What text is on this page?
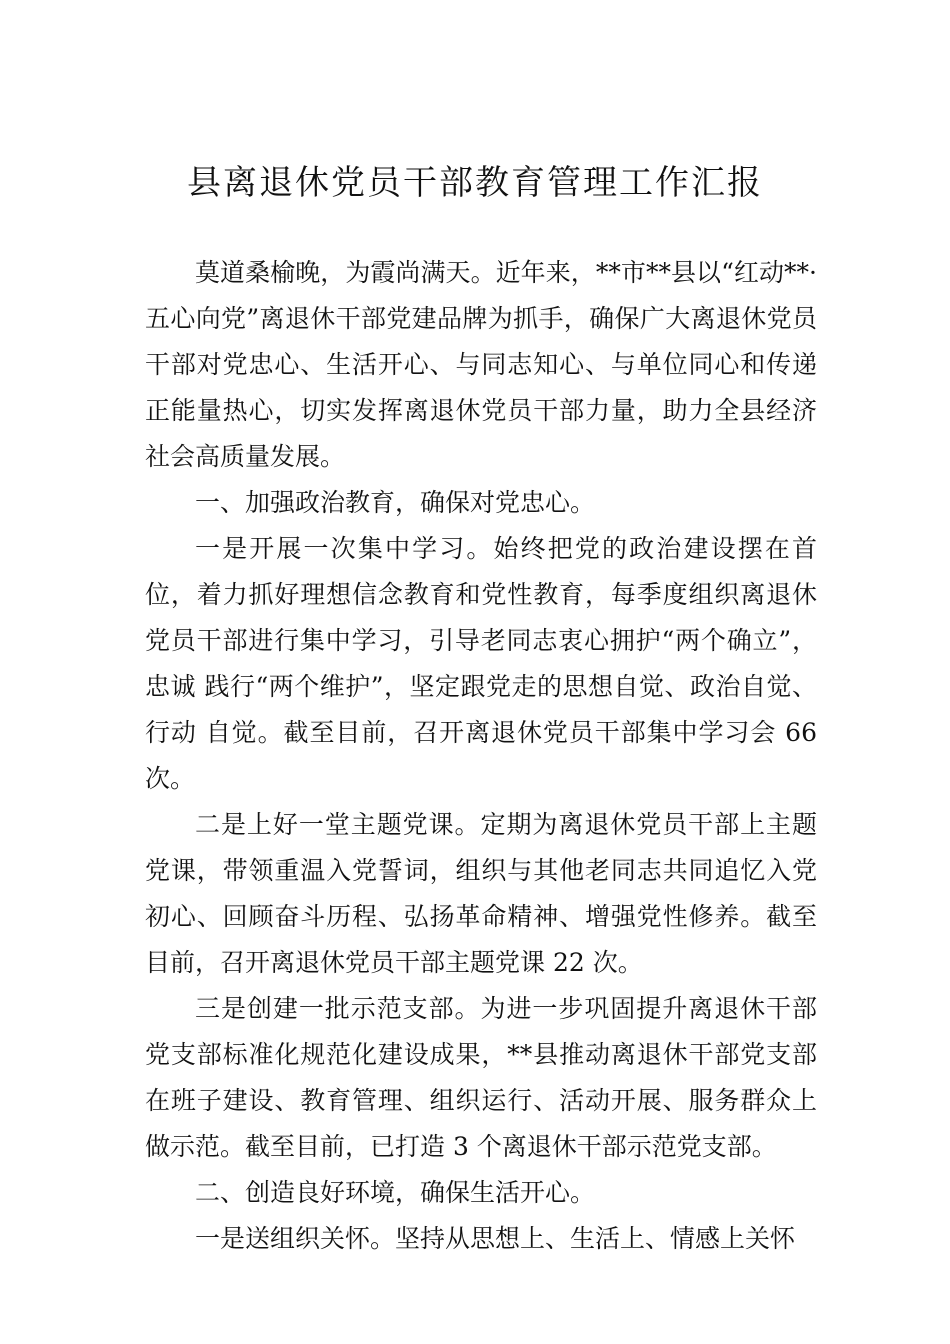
县离退休党员干部教育管理工作汇报

莫道桑榆晚，为霞尚满天。近年来，**市**县以“红动**·五心向党”离退休干部党建品牌为抓手，确保广大离退休党员干部对党忠心、生活开心、与同志知心、与单位同心和传递正能量热心，切实发挥离退休党员干部力量，助力全县经济社会高质量发展。

一、加强政治教育，确保对党忠心。

一是开展一次集中学习。始终把党的政治建设摆在首位，着力抓好理想信念教育和党性教育，每季度组织离退休党员干部进行集中学习，引导老同志衷心拥护“两个确立”，忠诚 践行“两个维护”，坚定跟党走的思想自觉、政治自觉、行动 自觉。截至目前，召开离退休党员干部集中学习会 66 次。

二是上好一堂主题党课。定期为离退休党员干部上主题党课，带领重温入党誓词，组织与其他老同志共同追忆入党初心、回顾奋斗历程、弘扬革命精神、增强党性修养。截至目前，召开离退休党员干部主题党课 22 次。

三是创建一批示范支部。为进一步巩固提升离退休干部党支部标准化规范化建设成果，**县推动离退休干部党支部在班子建设、教育管理、组织运行、活动开展、服务群众上做示范。截至目前，已打造 3 个离退休干部示范党支部。

二、创造良好环境，确保生活开心。

一是送组织关怀。坚持从思想上、生活上、情感上关怀
